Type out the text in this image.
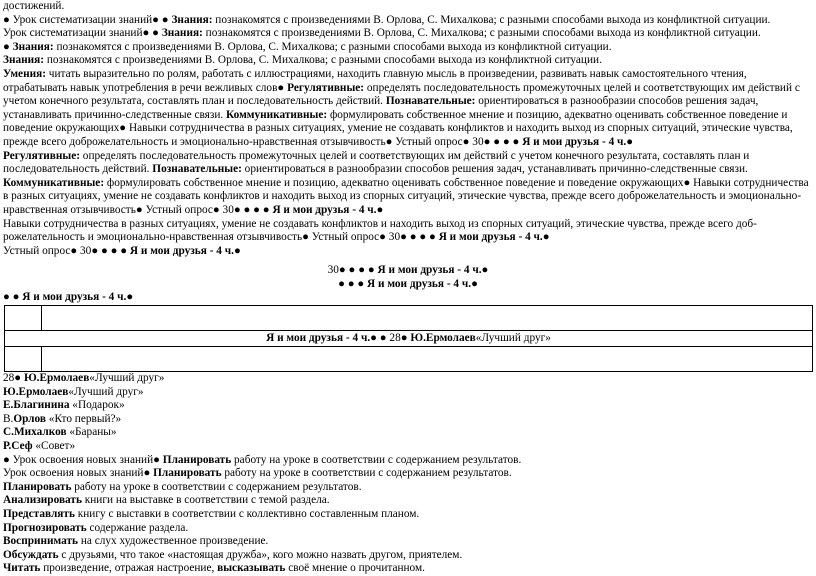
достижений.

● Урок систематизации знаний● ● Знания: познакомятся с произведениями В. Орлова, С. Михалкова; с разными способами выхода из конфликтной ситуации.

Урок систематизации знаний● ● Знания: познакомятся с произведениями В. Орлова, С. Михалкова; с разными способами выхода из конфликтной ситуации.

● Знания: познакомятся с произведениями В. Орлова, С. Михалкова; с разными способами выхода из конфликтной ситуации.

Знания: познакомятся с произведениями В. Орлова, С. Михалкова; с разными способами выхода из конфликтной ситуации.

Умения: читать выразительно по ролям, работать с иллюстрациями, находить главную мысль в произведении, развивать навык самостоятельного чтения, отрабатывать навык употребления в речи вежливых слов● Регулятивные: определять последовательность промежуточных целей и соответствующих им действий с учетом конечного результата, составлять план и последовательность действий. Познавательные: ориентироваться в разнообразии способов решения задач, устанавливать причинно-следственные связи. Коммуникативные: формулировать собственное мнение и позицию, адекватно оценивать собственное поведение и поведение окружающих● Навыки сотрудничества в разных ситуациях, умение не создавать конфликтов и находить выход из спорных ситуаций, этические чувства, прежде всего доброжелательность и эмоционально-нравственная отзывчивость● Устный опрос● 30● ● ● ● Я и мои друзья - 4 ч.●

Регулятивные: определять последовательность промежуточных целей и соответствующих им действий с учетом конечного результата, составлять план и последовательность действий. Познавательные: ориентироваться в разнообразии способов решения задач, устанавливать причинно-следственные связи.

Коммуникативные: формулировать собственное мнение и позицию, адекватно оценивать собственное поведение и поведение окружающих● Навыки сотрудничества в разных ситуациях, умение не создавать конфликтов и находить выход из спорных ситуаций, этические чувства, прежде всего доброжелательность и эмоционально-нравственная отзывчивость● Устный опрос● 30● ● ● ● Я и мои друзья - 4 ч.●

Навыки сотрудничества в разных ситуациях, умение не создавать конфликтов и находить выход из спорных ситуаций, этические чувства, прежде всего доб-рожелательность и эмоционально-нравственная отзывчивость● Устный опрос● 30● ● ● ● Я и мои друзья - 4 ч.●

Устный опрос● 30● ● ● ● Я и мои друзья - 4 ч.●

30● ● ● ● Я и мои друзья - 4 ч.●

● ● ● Я и мои друзья - 4 ч.●

● ● Я и мои друзья - 4 ч.●

Я и мои друзья - 4 ч.● ● 28● Ю.Ермолаев«Лучший друг»	

28● Ю.Ермолаев«Лучший друг»

Ю.Ермолаев«Лучший друг»

Е.Благинина «Подарок»

В.Орлов «Кто первый?»

С.Михалков «Бараны»

Р.Сеф «Совет»

● Урок освоения новых знаний● Планировать работу на уроке в соответствии с содержанием результатов.

Урок освоения новых знаний● Планировать работу на уроке в соответствии с содержанием результатов.

Планировать работу на уроке в соответствии с содержанием результатов.

Анализировать книги на выставке в соответствии с темой раздела.

Представлять книгу с выставки в соответствии с коллективно составленным планом.

Прогнозировать содержание раздела.

Воспринимать на слух художественное произведение.

Обсуждать с друзьями, что такое «настоящая дружба», кого можно назвать другом, приятелем.

Читать произведение, отражая настроение, высказывать своё мнение о прочитанном.
